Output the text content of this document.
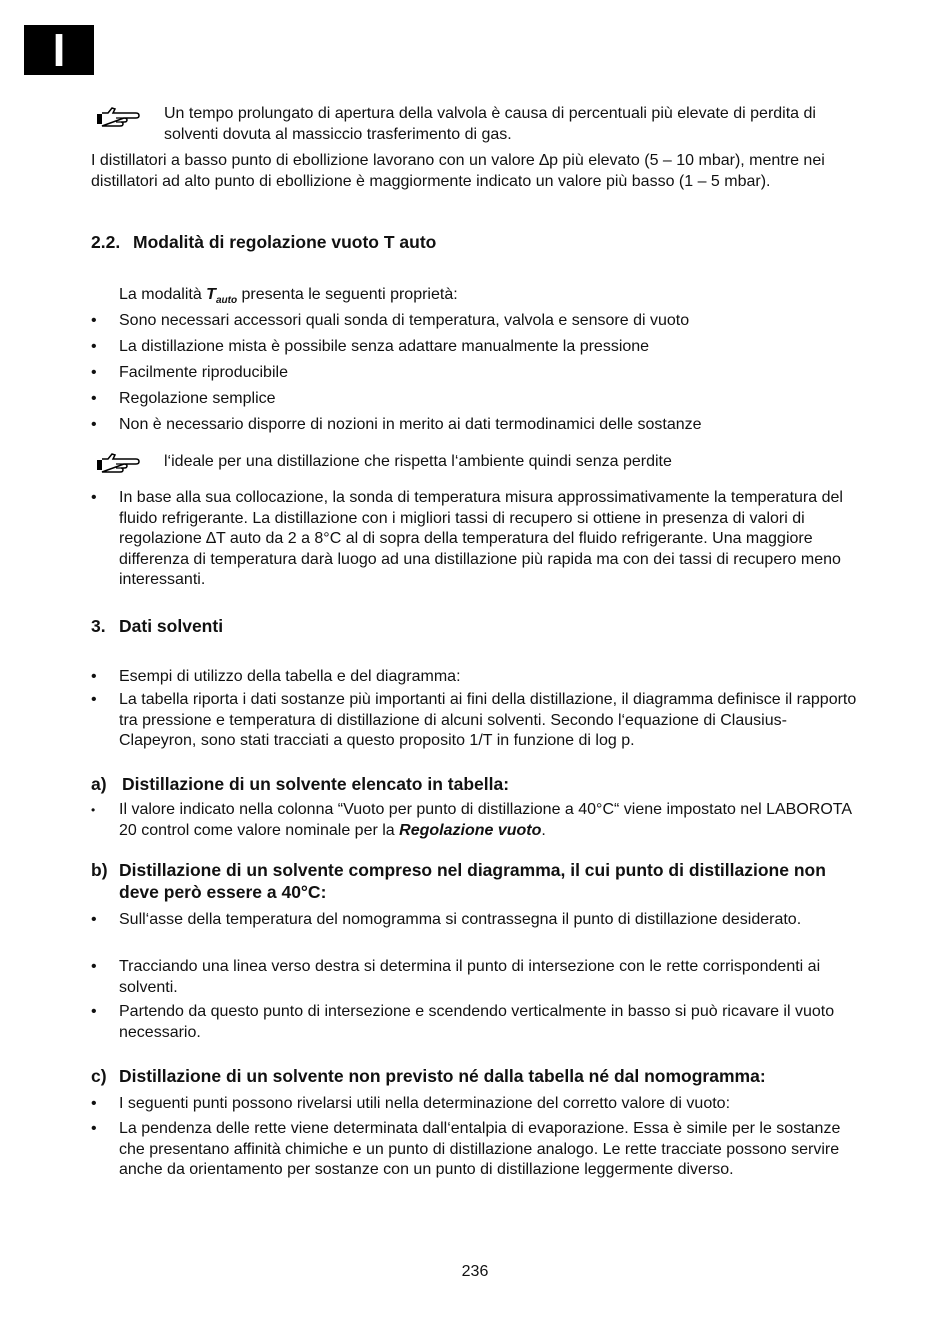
I
Un tempo prolungato di apertura della valvola è causa di percentuali più elevate di perdita di solventi dovuta al massiccio trasferimento di gas.
I distillatori a basso punto di ebollizione lavorano con un valore ∆p più elevato (5 – 10 mbar), mentre nei distillatori ad alto punto di ebollizione è maggiormente indicato un valore più basso (1 – 5 mbar).
2.2. Modalità di regolazione vuoto T auto
La modalità $T_{auto}$ presenta le seguenti proprietà:
•	Sono necessari accessori quali sonda di temperatura, valvola e sensore di vuoto
•	La distillazione mista è possibile senza adattare manualmente la pressione
•	Facilmente riproducibile
•	Regolazione semplice
•	Non è necessario disporre di nozioni in merito ai dati termodinamici delle sostanze
l‘ideale per una distillazione che rispetta l‘ambiente quindi senza perdite
•	In base alla sua collocazione, la sonda di temperatura misura approssimativamente la temperatura del fluido refrigerante. La distillazione con i migliori tassi di recupero si ottiene in presenza di valori di regolazione ∆T auto da 2 a 8°C al di sopra della temperatura del fluido refrigerante. Una maggiore differenza di temperatura darà luogo ad una distillazione più rapida ma con dei tassi di recupero meno interessanti.
3. Dati solventi
•	Esempi di utilizzo della tabella e del diagramma:
•	La tabella riporta i dati sostanze più importanti ai fini della distillazione, il diagramma definisce il rapporto tra pressione e temperatura di distillazione di alcuni solventi. Secondo l‘equazione di Clausius-Clapeyron, sono stati tracciati a questo proposito 1/T in funzione di log p.
a) Distillazione di un solvente elencato in tabella:
•	Il valore indicato nella colonna “Vuoto per punto di distillazione a 40°C“ viene impostato nel LABOROTA 20 control come valore nominale per la Regolazione vuoto.
b) Distillazione di un solvente compreso nel diagramma, il cui punto di distillazione non deve però essere a 40°C:
•	Sull‘asse della temperatura del nomogramma si contrassegna il punto di distillazione desiderato.
•	Tracciando una linea verso destra si determina il punto di intersezione con le rette corrispondenti ai solventi.
•	Partendo da questo punto di intersezione e scendendo verticalmente in basso si può ricavare il vuoto necessario.
c) Distillazione di un solvente non previsto né dalla tabella né dal nomogramma:
•	I seguenti punti possono rivelarsi utili nella determinazione del corretto valore di vuoto:
•	La pendenza delle rette viene determinata dall‘entalpia di evaporazione. Essa è simile per le sostanze che presentano affinità chimiche e un punto di distillazione analogo. Le rette tracciate possono servire anche da orientamento per sostanze con un punto di distillazione leggermente diverso.
236
